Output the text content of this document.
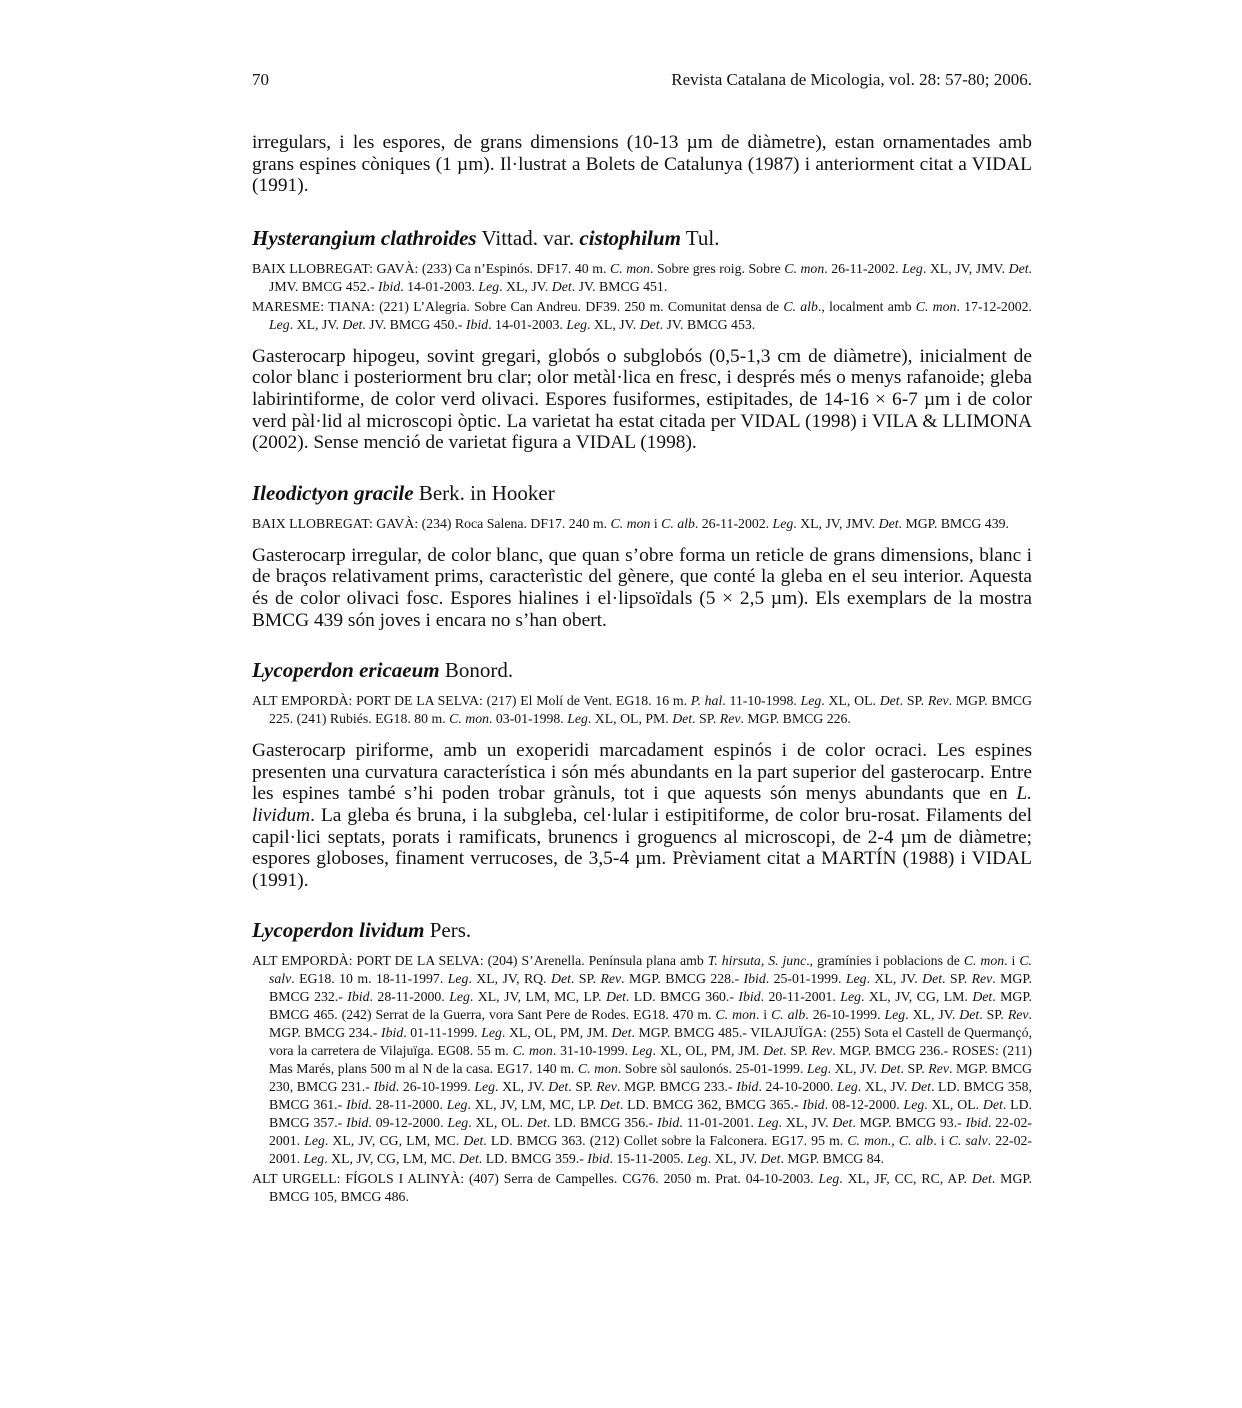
70	Revista Catalana de Micologia, vol. 28: 57-80; 2006.

irregulars, i les espores, de grans dimensions (10-13 µm de diàmetre), estan ornamentades amb grans espines còniques (1 µm). Il·lustrat a Bolets de Catalunya (1987) i anteriorment citat a VIDAL (1991).

Hysterangium clathroides Vittad. var. cistophilum Tul.

BAIX LLOBREGAT: GAVÀ: (233) Ca n’Espinós. DF17. 40 m. C. mon. Sobre gres roig. Sobre C. mon. 26-11-2002. Leg. XL, JV, JMV. Det. JMV. BMCG 452.- Ibid. 14-01-2003. Leg. XL, JV. Det. JV. BMCG 451.

MARESME: TIANA: (221) L’Alegria. Sobre Can Andreu. DF39. 250 m. Comunitat densa de C. alb., localment amb C. mon. 17-12-2002. Leg. XL, JV. Det. JV. BMCG 450.- Ibid. 14-01-2003. Leg. XL, JV. Det. JV. BMCG 453.

Gasterocarp hipogeu, sovint gregari, globós o subglobós (0,5-1,3 cm de diàmetre), inicialment de color blanc i posteriorment bru clar; olor metàl·lica en fresc, i després més o menys rafanoide; gleba labirintiforme, de color verd olivaci. Espores fusiformes, estipitades, de 14-16 × 6-7 µm i de color verd pàl·lid al microscopi òptic. La varietat ha estat citada per VIDAL (1998) i VILA & LLIMONA (2002). Sense menció de varietat figura a VIDAL (1998).

Ileodictyon gracile Berk. in Hooker

BAIX LLOBREGAT: GAVÀ: (234) Roca Salena. DF17. 240 m. C. mon i C. alb. 26-11-2002. Leg. XL, JV, JMV. Det. MGP. BMCG 439.

Gasterocarp irregular, de color blanc, que quan s’obre forma un reticle de grans dimensions, blanc i de braços relativament prims, caracterìstic del gènere, que conté la gleba en el seu interior. Aquesta és de color olivaci fosc. Espores hialines i el·lipsoïdals (5 × 2,5 µm). Els exemplars de la mostra BMCG 439 són joves i encara no s’han obert.

Lycoperdon ericaeum Bonord.

ALT EMPORDÀ: PORT DE LA SELVA: (217) El Molí de Vent. EG18. 16 m. P. hal. 11-10-1998. Leg. XL, OL. Det. SP. Rev. MGP. BMCG 225. (241) Rubiés. EG18. 80 m. C. mon. 03-01-1998. Leg. XL, OL, PM. Det. SP. Rev. MGP. BMCG 226.

Gasterocarp piriforme, amb un exoperidi marcadament espinós i de color ocraci. Les espines presenten una curvatura característica i són més abundants en la part superior del gasterocarp. Entre les espines també s’hi poden trobar grànuls, tot i que aquests són menys abundants que en L. lividum. La gleba és bruna, i la subgleba, cel·lular i estipitiforme, de color bru-rosat. Filaments del capil·lici septats, porats i ramificats, brunencs i groguencs al microscopi, de 2-4 µm de diàmetre; espores globoses, finament verrucoses, de 3,5-4 µm. Prèviament citat a MARTÍN (1988) i VIDAL (1991).

Lycoperdon lividum Pers.

ALT EMPORDÀ: PORT DE LA SELVA: (204) S’Arenella. Península plana amb T. hirsuta, S. junc., gramínies i poblacions de C. mon. i C. salv. EG18. 10 m. 18-11-1997. Leg. XL, JV, RQ. Det. SP. Rev. MGP. BMCG 228.- Ibid. 25-01-1999. Leg. XL, JV. Det. SP. Rev. MGP. BMCG 232.- Ibid. 28-11-2000. Leg. XL, JV, LM, MC, LP. Det. LD. BMCG 360.- Ibid. 20-11-2001. Leg. XL, JV, CG, LM. Det. MGP. BMCG 465. (242) Serrat de la Guerra, vora Sant Pere de Rodes. EG18. 470 m. C. mon. i C. alb. 26-10-1999. Leg. XL, JV. Det. SP. Rev. MGP. BMCG 234.- Ibid. 01-11-1999. Leg. XL, OL, PM, JM. Det. MGP. BMCG 485.- VILAJUÏGA: (255) Sota el Castell de Quermançó, vora la carretera de Vilajuïga. EG08. 55 m. C. mon. 31-10-1999. Leg. XL, OL, PM, JM. Det. SP. Rev. MGP. BMCG 236.- ROSES: (211) Mas Marés, plans 500 m al N de la casa. EG17. 140 m. C. mon. Sobre sòl saulonós. 25-01-1999. Leg. XL, JV. Det. SP. Rev. MGP. BMCG 230, BMCG 231.- Ibid. 26-10-1999. Leg. XL, JV. Det. SP. Rev. MGP. BMCG 233.- Ibid. 24-10-2000. Leg. XL, JV. Det. LD. BMCG 358, BMCG 361.- Ibid. 28-11-2000. Leg. XL, JV, LM, MC, LP. Det. LD. BMCG 362, BMCG 365.- Ibid. 08-12-2000. Leg. XL, OL. Det. LD. BMCG 357.- Ibid. 09-12-2000. Leg. XL, OL. Det. LD. BMCG 356.- Ibid. 11-01-2001. Leg. XL, JV. Det. MGP. BMCG 93.- Ibid. 22-02-2001. Leg. XL, JV, CG, LM, MC. Det. LD. BMCG 363. (212) Collet sobre la Falconera. EG17. 95 m. C. mon., C. alb. i C. salv. 22-02-2001. Leg. XL, JV, CG, LM, MC. Det. LD. BMCG 359.- Ibid. 15-11-2005. Leg. XL, JV. Det. MGP. BMCG 84.

ALT URGELL: FÍGOLS I ALINYÀ: (407) Serra de Campelles. CG76. 2050 m. Prat. 04-10-2003. Leg. XL, JF, CC, RC, AP. Det. MGP. BMCG 105, BMCG 486.
